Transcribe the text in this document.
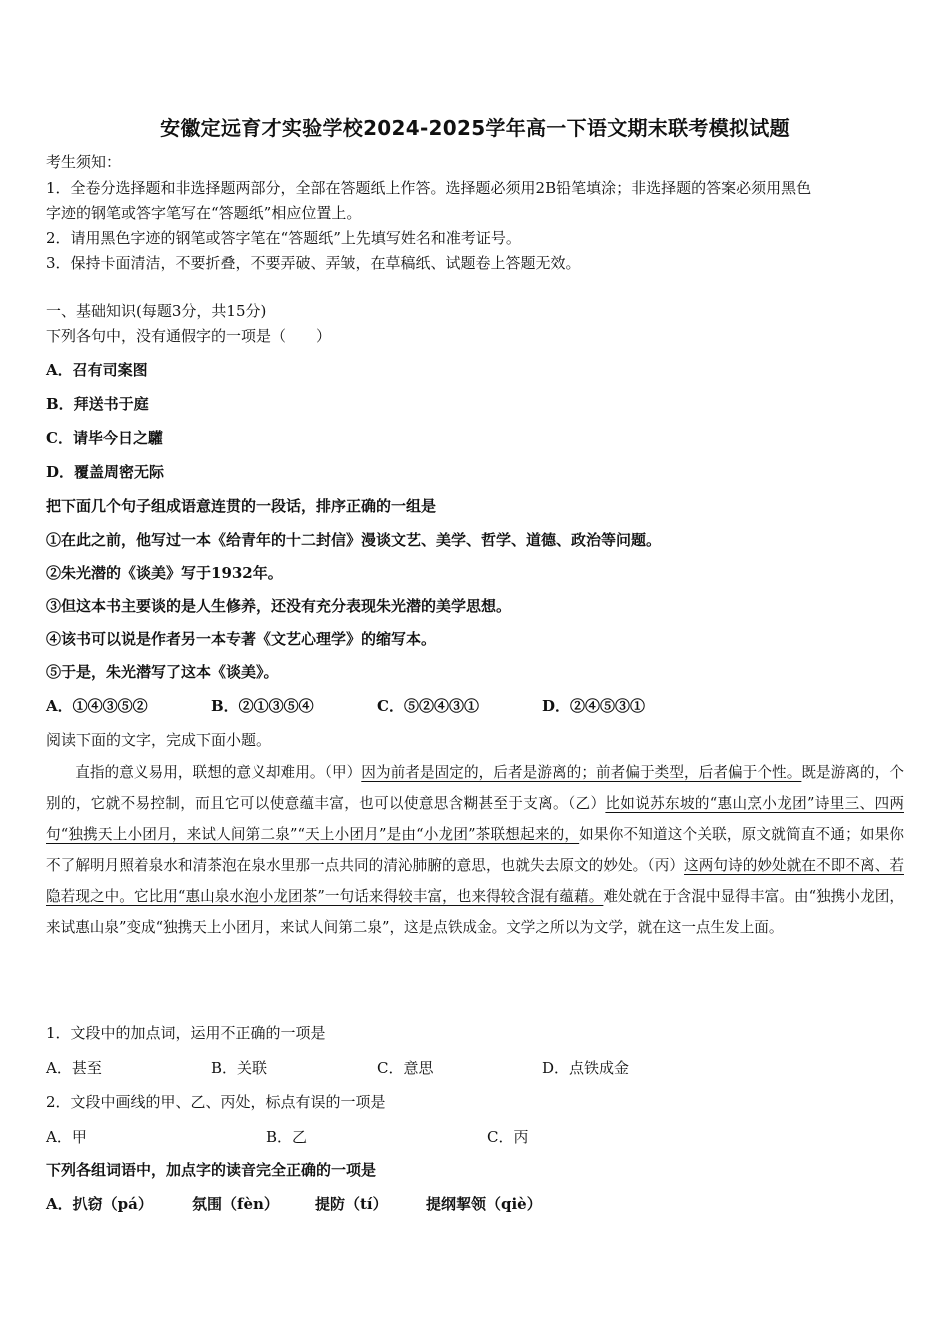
安徽定远育才实验学校2024-2025学年高一下语文期末联考模拟试题
考生须知：
1．全卷分选择题和非选择题两部分，全部在答题纸上作答。选择题必须用2B铅笔填涂；非选择题的答案必须用黑色
字迹的钢笔或答字笔写在“答题纸”相应位置上。
2．请用黑色字迹的钢笔或答字笔在“答题纸”上先填写姓名和准考证号。
3．保持卡面清洁，不要折叠，不要弄破、弄皱，在草稿纸、试题卷上答题无效。
一、基础知识(每题3分，共15分)
下列各句中，没有通假字的一项是（　　）
A．召有司案图
B．拜送书于庭
C．请毕今日之驩
D．覆盖周密无际
把下面几个句子组成语意连贯的一段话，排序正确的一组是
①在此之前，他写过一本《给青年的十二封信》漫谈文艺、美学、哲学、道德、政治等问题。
②朱光潜的《谈美》写于1932年。
③但这本书主要谈的是人生修养，还没有充分表现朱光潜的美学思想。
④该书可以说是作者另一本专著《文艺心理学》的缩写本。
⑤于是，朱光潜写了这本《谈美》。
A．①④③⑤②	B．②①③⑤④	C．⑤②④③①	D．②④⑤③①
阅读下面的文字，完成下面小题。

直指的意义易用，联想的意义却难用。（甲）因为前者是固定的，后者是游离的；前者偏于类型，后者偏于个性。既是游离的，个别的，它就不易控制，而且它可以使意蕴丰富，也可以使意思含糊甚至于支离。（乙）比如说苏东坡的“惠山烹小龙团”诗里三、四两句“独携天上小团月，来试人间第二泉”“天上小团月”是由“小龙团”茶联想起来的，如果你不知道这个关联，原文就简直不通；如果你不了解明月照着泉水和清茶泡在泉水里那一点共同的清沁肺腑的意思，也就失去原文的妙处。（丙）这两句诗的妙处就在不即不离、若隐若现之中。它比用“惠山泉水泡小龙团茶”一句话来得较丰富，也来得较含混有蕴藉。难处就在于含混中显得丰富。由“独携小龙团，来试惠山泉”变成“独携天上小团月，来试人间第二泉”，这是点铁成金。文学之所以为文学，就在这一点生发上面。

1．文段中的加点词，运用不正确的一项是
A．甚至	B．关联	C．意思	D．点铁成金
2．文段中画线的甲、乙、丙处，标点有误的一项是
A．甲	B．乙	C．丙
下列各组词语中，加点字的读音完全正确的一项是
A．扒窃（pá）	氛围（fèn） 提防（tí）	提纲挈领（qiè）
